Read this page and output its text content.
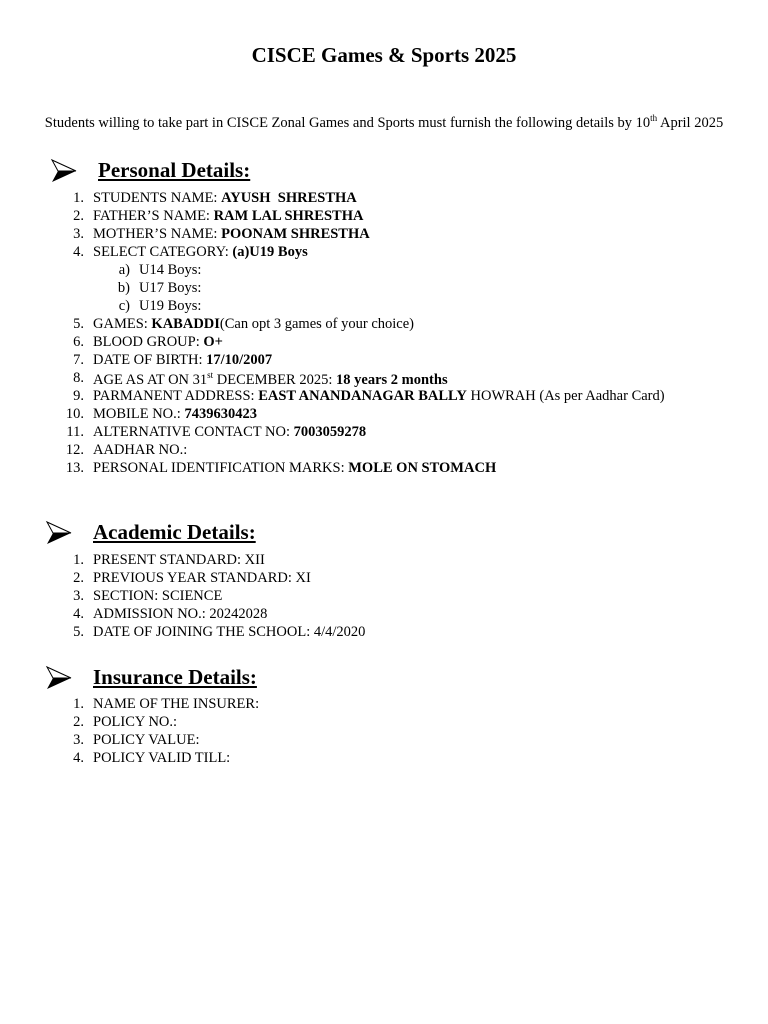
CISCE Games & Sports 2025
Students willing to take part in CISCE Zonal Games and Sports must furnish the following details by 10th April 2025
Personal Details:
1. STUDENTS NAME: AYUSH  SHRESTHA
2. FATHER’S NAME: RAM LAL SHRESTHA
3. MOTHER’S NAME: POONAM SHRESTHA
4. SELECT CATEGORY: (a)U19 Boys
a) U14 Boys:
b) U17 Boys:
c) U19 Boys:
5. GAMES: KABADDI(Can opt 3 games of your choice)
6. BLOOD GROUP: O+
7. DATE OF BIRTH: 17/10/2007
8. AGE AS AT ON 31st DECEMBER 2025: 18 years 2 months
9. PARMANENT ADDRESS: EAST ANANDANAGAR BALLY HOWRAH (As per Aadhar Card)
10. MOBILE NO.: 7439630423
11. ALTERNATIVE CONTACT NO: 7003059278
12. AADHAR NO.:
13. PERSONAL IDENTIFICATION MARKS: MOLE ON STOMACH
Academic Details:
1. PRESENT STANDARD: XII
2. PREVIOUS YEAR STANDARD: XI
3. SECTION: SCIENCE
4. ADMISSION NO.: 20242028
5. DATE OF JOINING THE SCHOOL: 4/4/2020
Insurance Details:
1. NAME OF THE INSURER:
2. POLICY NO.:
3. POLICY VALUE:
4. POLICY VALID TILL:
